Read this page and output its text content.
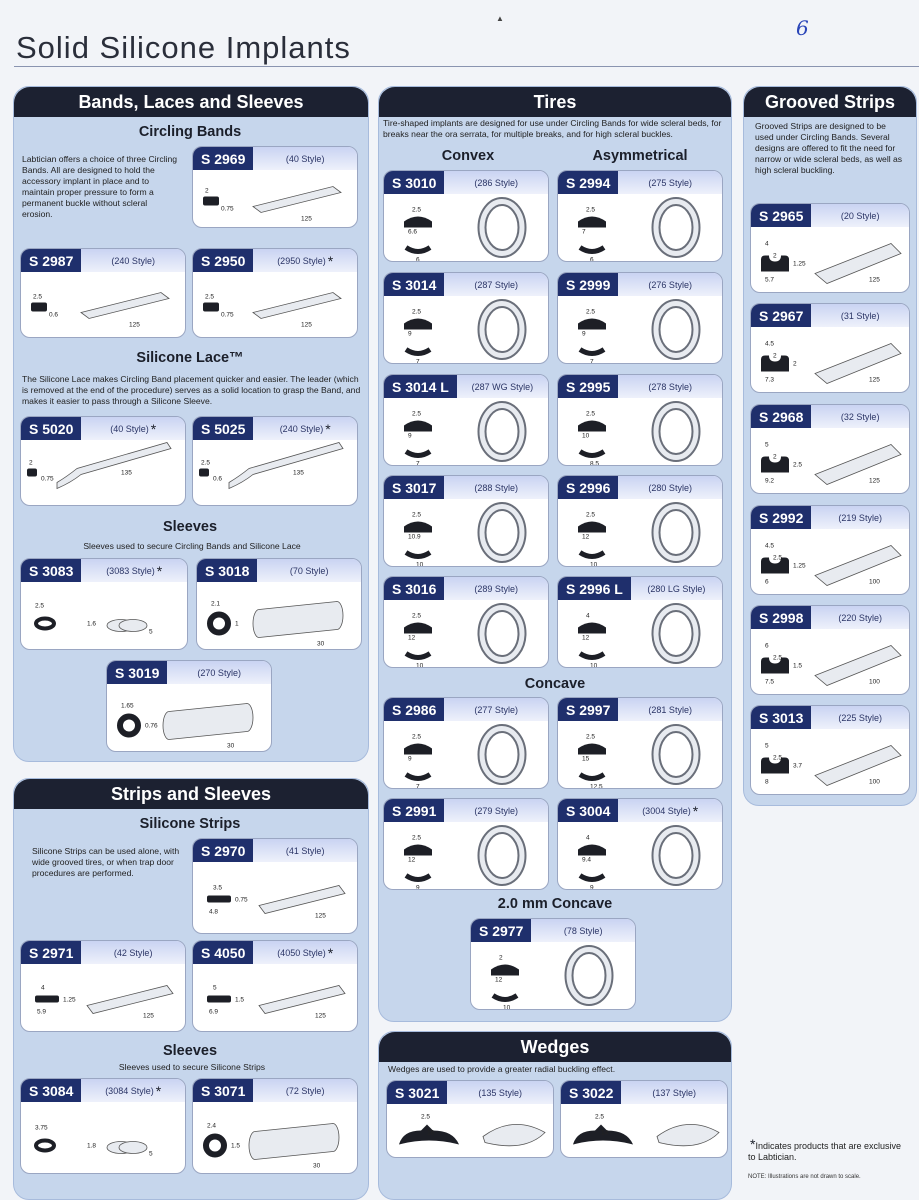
▲	6
Solid Silicone Implants
Bands, Laces and Sleeves
Circling Bands
Labtician offers a choice of three Circling Bands. All are designed to hold the accessory implant in place and to maintain proper pressure to form a permanent buckle without scleral erosion.
Silicone Lace™
The Silicone Lace makes Circling Band placement quicker and easier. The leader (which is removed at the end of the procedure) serves as a solid location to grasp the Band, and makes it easier to pass through a Silicone Sleeve.
Sleeves
Sleeves used to secure Circling Bands and Silicone Lace
Strips and Sleeves
Silicone Strips
Silicone Strips can be used alone, with wide grooved tires, or when trap door procedures are performed.
Sleeves
Sleeves used to secure Silicone Strips
Tires
Tire-shaped implants are designed for use under Circling Bands for wide scleral beds, for breaks near the ora serrata, for multiple breaks, and for high scleral buckles.
Convex	Asymmetrical
Concave
2.0 mm Concave
Wedges
Wedges are used to provide a greater radial buckling effect.
Grooved Strips
Grooved Strips are designed to be used under Circling Bands. Several designs are offered to fit the need for narrow or wide scleral beds, as well as high scleral buckling.
*Indicates products that are exclusive to Labtician.
NOTE: Illustrations are not drawn to scale.
S 2969	(40 Style)
2
0.75
125
S 2987	(240 Style)
2.5
0.6
125
S 2950	(2950 Style) *
2.5
0.75
125
S 5020	(40 Style) *
2
0.75
135
S 5025	(240 Style) *
2.5
0.6
135
S 3083	(3083 Style) *
2.5
1.6
5
S 3018	(70 Style)
2.1
1
30
S 3019	(270 Style)
1.65
0.76
30
S 2970	(41 Style)
3.5
4.8
0.75
125
S 2971	(42 Style)
4
5.9
1.25
125
S 4050	(4050 Style) *
5
6.9
1.5
125
S 3084	(3084 Style) *
3.75
1.8
5
S 3071	(72 Style)
2.4
1.5
30
S 3010	(286 Style)
2.5
6.6
6
S 2994	(275 Style)
2.5
7
6
S 3014	(287 Style)
2.5
9
7
S 2999	(276 Style)
2.5
9
7
S 3014 L	(287 WG Style)
2.5
9
7
S 2995	(278 Style)
2.5
10
8.5
S 3017	(288 Style)
2.5
10.9
10
S 2996	(280 Style)
2.5
12
10
S 3016	(289 Style)
2.5
12
10
S 2996 L	(280 LG Style)
4
12
10
S 2986	(277 Style)
2.5
9
7
S 2997	(281 Style)
2.5
15
12.5
S 2991	(279 Style)
2.5
12
9
S 3004	(3004 Style) *
4
9.4
9
S 2977	(78 Style)
2
12
10
S 3021	(135 Style)
2.5
16
S 3022	(137 Style)
2.5
14
S 2965	(20 Style)
4
2
5.7
1.25
125
S 2967	(31 Style)
4.5
2
7.3
2
125
S 2968	(32 Style)
5
2
9.2
2.5
125
S 2992	(219 Style)
4.5
2.5
6
1.25
100
S 2998	(220 Style)
6
2.5
7.5
1.5
100
S 3013	(225 Style)
5
2.5
8
3.7
100
